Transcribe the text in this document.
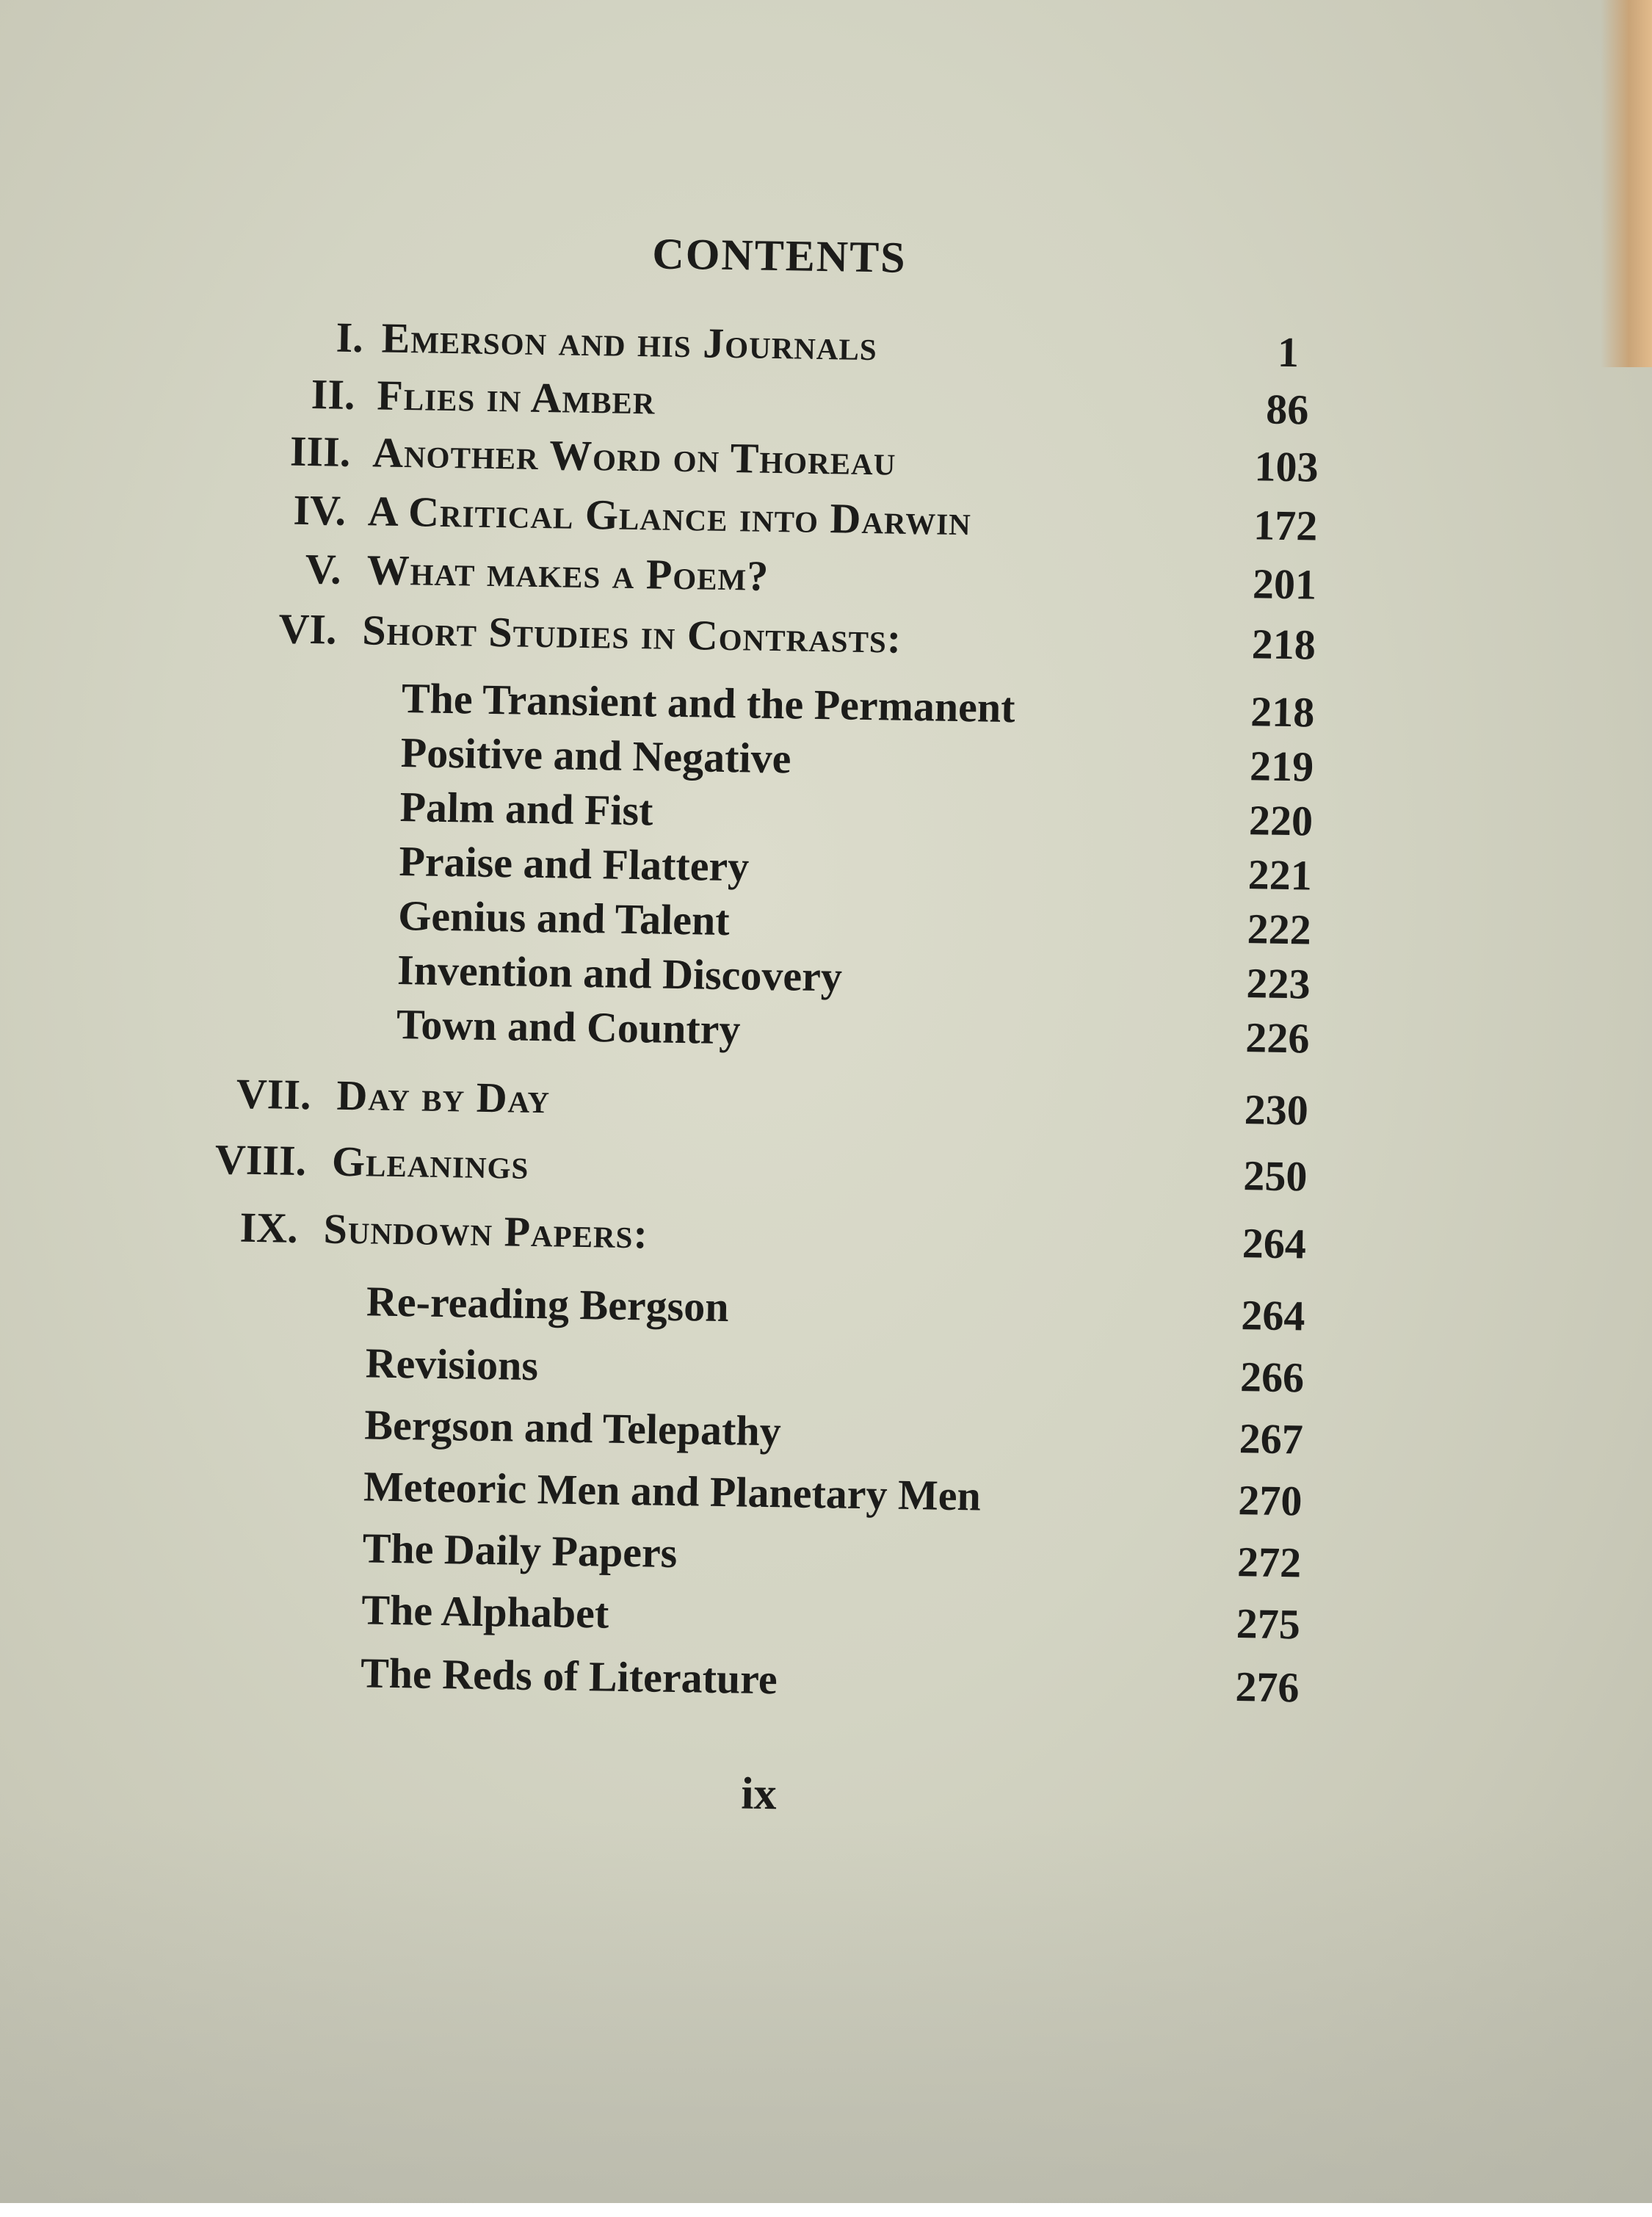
CONTENTS
I. Emerson and his Journals	1
II. Flies in Amber	86
III. Another Word on Thoreau	103
IV. A Critical Glance into Darwin	172
V. What makes a Poem?	201
VI. Short Studies in Contrasts:	218
The Transient and the Permanent	218
Positive and Negative	219
Palm and Fist	220
Praise and Flattery	221
Genius and Talent	222
Invention and Discovery	223
Town and Country	226
VII. Day by Day	230
VIII. Gleanings	250
IX. Sundown Papers:	264
Re-reading Bergson	264
Revisions	266
Bergson and Telepathy	267
Meteoric Men and Planetary Men	270
The Daily Papers	272
The Alphabet	275
The Reds of Literature	276
ix
